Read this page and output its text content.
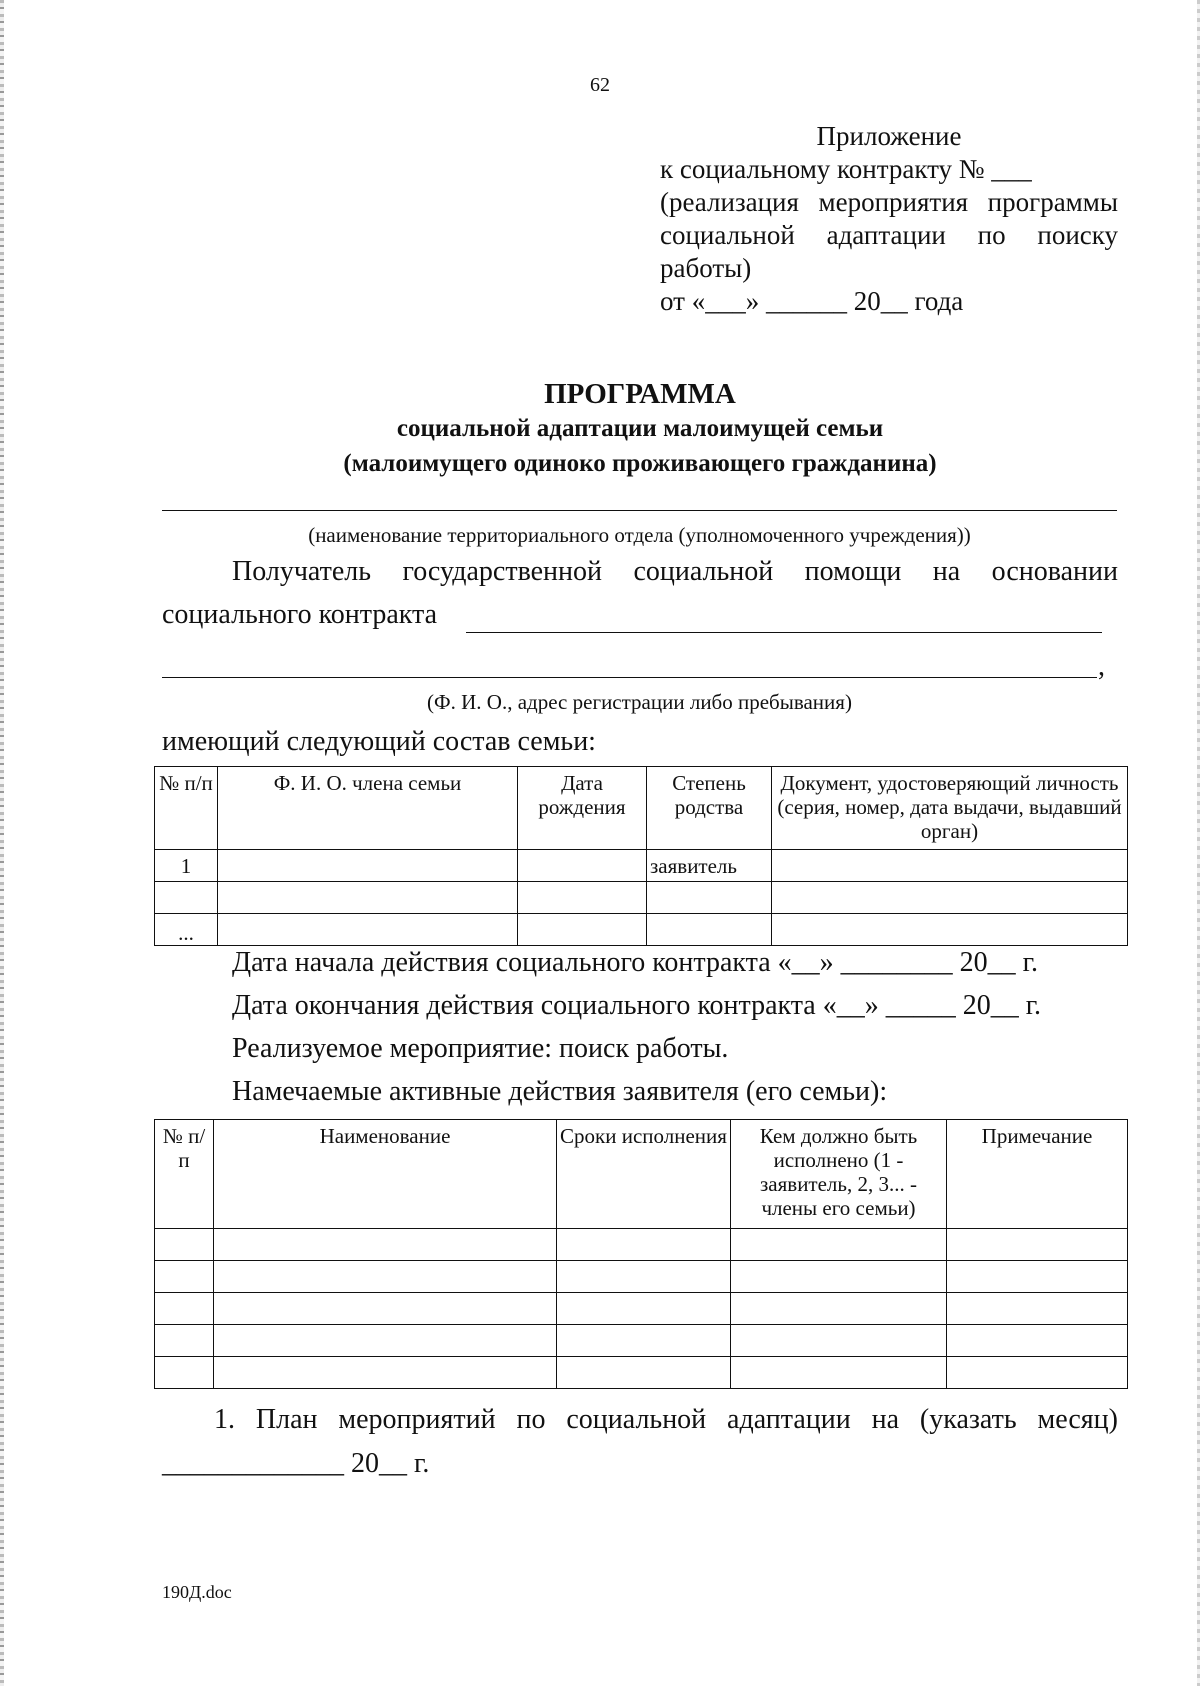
62
Приложение
к социальному контракту № ___
(реализация мероприятия программы
социальной адаптации по поиску
работы)
от «___» ______ 20__ года
ПРОГРАММА
социальной адаптации малоимущей семьи
(малоимущего одиноко проживающего гражданина)
(наименование территориального отдела (уполномоченного учреждения))
Получатель государственной социальной помощи на основании
социального контракта
,
(Ф. И. О., адрес регистрации либо пребывания)
имеющий следующий состав семьи:
№ п/п	Ф. И. О. члена семьи	Дата рождения	Степень родства	Документ, удостоверяющий личность (серия, номер, дата выдачи, выдавший орган)
1			заявитель	

...				
Дата начала действия социального контракта «__» ________ 20__ г.
Дата окончания действия социального контракта «__» _____ 20__ г.
Реализуемое мероприятие: поиск работы.
Намечаемые активные действия заявителя (его семьи):
№ п/п	Наименование	Сроки исполнения	Кем должно быть исполнено (1 - заявитель, 2, 3... - члены его семьи)	Примечание

1. План мероприятий по социальной адаптации на (указать месяц)
_____________ 20__ г.
190Д.doc
